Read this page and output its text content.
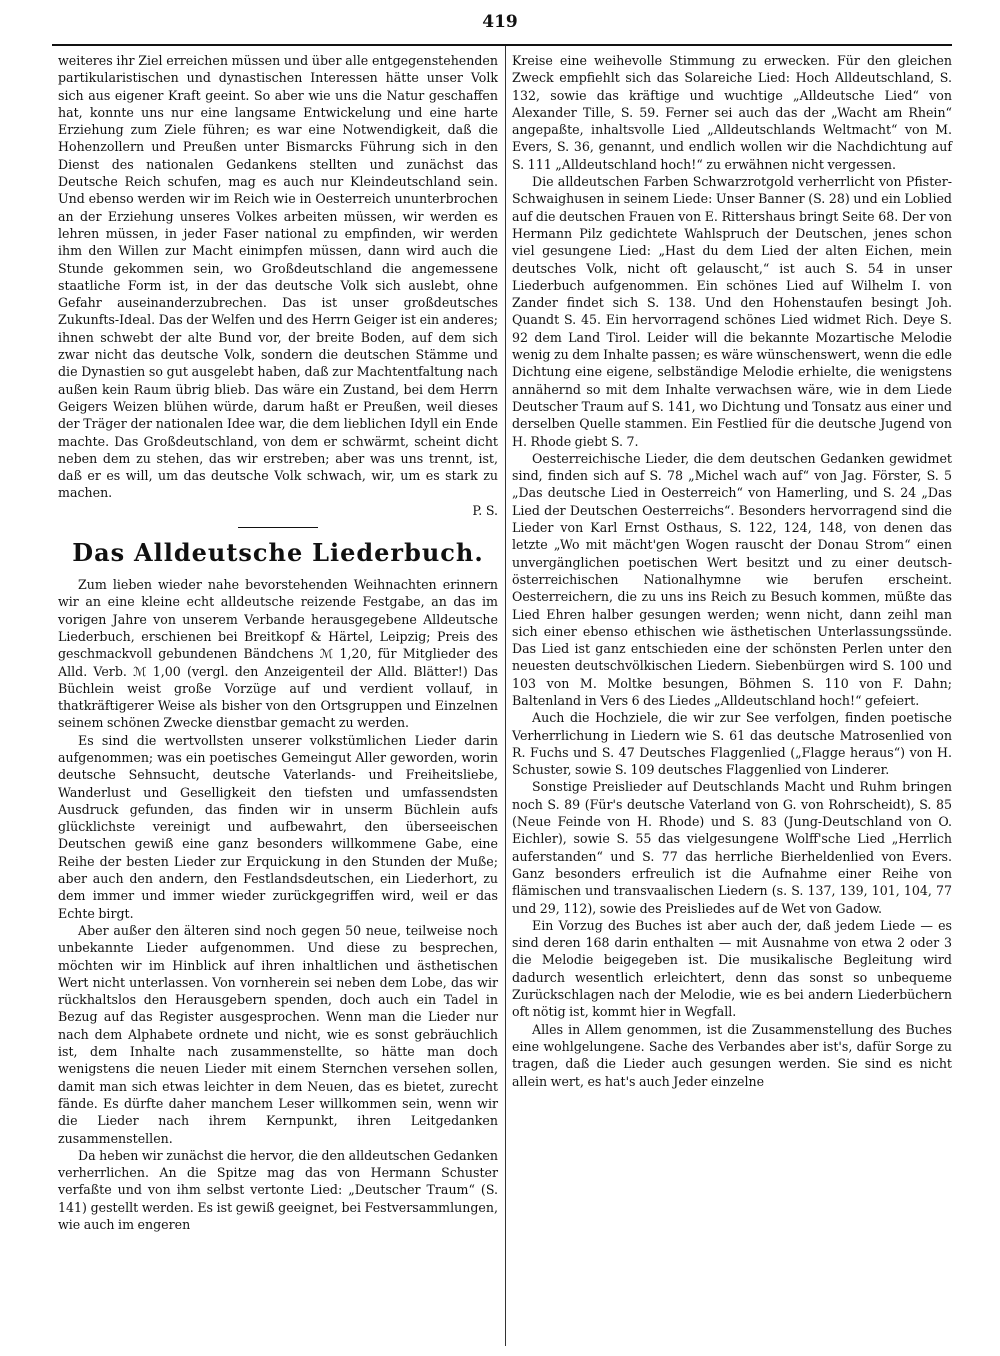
419

weiteres ihr Ziel erreichen müssen und über alle entgegenstehenden partikularistischen und dynastischen Interessen hätte unser Volk sich aus eigener Kraft geeint. So aber wie uns die Natur geschaffen hat, konnte uns nur eine langsame Entwickelung und eine harte Erziehung zum Ziele führen; es war eine Notwendigkeit, daß die Hohenzollern und Preußen unter Bismarcks Führung sich in den Dienst des nationalen Gedankens stellten und zunächst das Deutsche Reich schufen, mag es auch nur Kleindeutschland sein. Und ebenso werden wir im Reich wie in Oesterreich ununterbrochen an der Erziehung unseres Volkes arbeiten müssen, wir werden es lehren müssen, in jeder Faser national zu empfinden, wir werden ihm den Willen zur Macht einimpfen müssen, dann wird auch die Stunde gekommen sein, wo Großdeutschland die angemessene staatliche Form ist, in der das deutsche Volk sich auslebt, ohne Gefahr auseinanderzubrechen. Das ist unser großdeutsches Zukunfts-Ideal. Das der Welfen und des Herrn Geiger ist ein anderes; ihnen schwebt der alte Bund vor, der breite Boden, auf dem sich zwar nicht das deutsche Volk, sondern die deutschen Stämme und die Dynastien so gut ausgelebt haben, daß zur Machtentfaltung nach außen kein Raum übrig blieb. Das wäre ein Zustand, bei dem Herrn Geigers Weizen blühen würde, darum haßt er Preußen, weil dieses der Träger der nationalen Idee war, die dem lieblichen Idyll ein Ende machte. Das Großdeutschland, von dem er schwärmt, scheint dicht neben dem zu stehen, das wir erstreben; aber was uns trennt, ist, daß er es will, um das deutsche Volk schwach, wir, um es stark zu machen.

P. S.

Das Alldeutsche Liederbuch.

Zum lieben wieder nahe bevorstehenden Weihnachten erinnern wir an eine kleine echt alldeutsche reizende Festgabe, an das im vorigen Jahre von unserem Verbande herausgegebene Alldeutsche Liederbuch, erschienen bei Breitkopf & Härtel, Leipzig; Preis des geschmackvoll gebundenen Bändchens ℳ 1,20, für Mitglieder des Alld. Verb. ℳ 1,00 (vergl. den Anzeigenteil der Alld. Blätter!) Das Büchlein weist große Vorzüge auf und verdient vollauf, in thatkräftigerer Weise als bisher von den Ortsgruppen und Einzelnen seinem schönen Zwecke dienstbar gemacht zu werden.

Es sind die wertvollsten unserer volkstümlichen Lieder darin aufgenommen; was ein poetisches Gemeingut Aller geworden, worin deutsche Sehnsucht, deutsche Vaterlands- und Freiheitsliebe, Wanderlust und Geselligkeit den tiefsten und umfassendsten Ausdruck gefunden, das finden wir in unserm Büchlein aufs glücklichste vereinigt und aufbewahrt, den überseeischen Deutschen gewiß eine ganz besonders willkommene Gabe, eine Reihe der besten Lieder zur Erquickung in den Stunden der Muße; aber auch den andern, den Festlandsdeutschen, ein Liederhort, zu dem immer und immer wieder zurückgegriffen wird, weil er das Echte birgt.

Aber außer den älteren sind noch gegen 50 neue, teilweise noch unbekannte Lieder aufgenommen. Und diese zu besprechen, möchten wir im Hinblick auf ihren inhaltlichen und ästhetischen Wert nicht unterlassen. Von vornherein sei neben dem Lobe, das wir rückhaltslos den Herausgebern spenden, doch auch ein Tadel in Bezug auf das Register ausgesprochen. Wenn man die Lieder nur nach dem Alphabete ordnete und nicht, wie es sonst gebräuchlich ist, dem Inhalte nach zusammenstellte, so hätte man doch wenigstens die neuen Lieder mit einem Sternchen versehen sollen, damit man sich etwas leichter in dem Neuen, das es bietet, zurecht fände. Es dürfte daher manchem Leser willkommen sein, wenn wir die Lieder nach ihrem Kernpunkt, ihren Leitgedanken zusammenstellen.

Da heben wir zunächst die hervor, die den alldeutschen Gedanken verherrlichen. An die Spitze mag das von Hermann Schuster verfaßte und von ihm selbst vertonte Lied: „Deutscher Traum“ (S. 141) gestellt werden. Es ist gewiß geeignet, bei Festversammlungen, wie auch im engeren

Kreise eine weihevolle Stimmung zu erwecken. Für den gleichen Zweck empfiehlt sich das Solareiche Lied: Hoch Alldeutschland, S. 132, sowie das kräftige und wuchtige „Alldeutsche Lied“ von Alexander Tille, S. 59. Ferner sei auch das der „Wacht am Rhein“ angepaßte, inhaltsvolle Lied „Alldeutschlands Weltmacht“ von M. Evers, S. 36, genannt, und endlich wollen wir die Nachdichtung auf S. 111 „Alldeutschland hoch!“ zu erwähnen nicht vergessen.

Die alldeutschen Farben Schwarzrotgold verherrlicht von Pfister-Schwaighusen in seinem Liede: Unser Banner (S. 28) und ein Loblied auf die deutschen Frauen von E. Rittershaus bringt Seite 68. Der von Hermann Pilz gedichtete Wahlspruch der Deutschen, jenes schon viel gesungene Lied: „Hast du dem Lied der alten Eichen, mein deutsches Volk, nicht oft gelauscht,“ ist auch S. 54 in unser Liederbuch aufgenommen. Ein schönes Lied auf Wilhelm I. von Zander findet sich S. 138. Und den Hohenstaufen besingt Joh. Quandt S. 45. Ein hervorragend schönes Lied widmet Rich. Deye S. 92 dem Land Tirol. Leider will die bekannte Mozartische Melodie wenig zu dem Inhalte passen; es wäre wünschenswert, wenn die edle Dichtung eine eigene, selbständige Melodie erhielte, die wenigstens annähernd so mit dem Inhalte verwachsen wäre, wie in dem Liede Deutscher Traum auf S. 141, wo Dichtung und Tonsatz aus einer und derselben Quelle stammen. Ein Festlied für die deutsche Jugend von H. Rhode giebt S. 7.

Oesterreichische Lieder, die dem deutschen Gedanken gewidmet sind, finden sich auf S. 78 „Michel wach auf“ von Jag. Förster, S. 5 „Das deutsche Lied in Oesterreich“ von Hamerling, und S. 24 „Das Lied der Deutschen Oesterreichs“. Besonders hervorragend sind die Lieder von Karl Ernst Osthaus, S. 122, 124, 148, von denen das letzte „Wo mit mächt'gen Wogen rauscht der Donau Strom“ einen unvergänglichen poetischen Wert besitzt und zu einer deutsch-österreichischen Nationalhymne wie berufen erscheint. Oesterreichern, die zu uns ins Reich zu Besuch kommen, müßte das Lied Ehren halber gesungen werden; wenn nicht, dann zeihl man sich einer ebenso ethischen wie ästhetischen Unterlassungssünde. Das Lied ist ganz entschieden eine der schönsten Perlen unter den neuesten deutschvölkischen Liedern. Siebenbürgen wird S. 100 und 103 von M. Moltke besungen, Böhmen S. 110 von F. Dahn; Baltenland in Vers 6 des Liedes „Alldeutschland hoch!“ gefeiert.

Auch die Hochziele, die wir zur See verfolgen, finden poetische Verherrlichung in Liedern wie S. 61 das deutsche Matrosenlied von R. Fuchs und S. 47 Deutsches Flaggenlied („Flagge heraus“) von H. Schuster, sowie S. 109 deutsches Flaggenlied von Linderer.

Sonstige Preislieder auf Deutschlands Macht und Ruhm bringen noch S. 89 (Für's deutsche Vaterland von G. von Rohrscheidt), S. 85 (Neue Feinde von H. Rhode) und S. 83 (Jung-Deutschland von O. Eichler), sowie S. 55 das vielgesungene Wolff'sche Lied „Herrlich auferstanden“ und S. 77 das herrliche Bierheldenlied von Evers. Ganz besonders erfreulich ist die Aufnahme einer Reihe von flämischen und transvaalischen Liedern (s. S. 137, 139, 101, 104, 77 und 29, 112), sowie des Preisliedes auf de Wet von Gadow.

Ein Vorzug des Buches ist aber auch der, daß jedem Liede — es sind deren 168 darin enthalten — mit Ausnahme von etwa 2 oder 3 die Melodie beigegeben ist. Die musikalische Begleitung wird dadurch wesentlich erleichtert, denn das sonst so unbequeme Zurückschlagen nach der Melodie, wie es bei andern Liederbüchern oft nötig ist, kommt hier in Wegfall.

Alles in Allem genommen, ist die Zusammenstellung des Buches eine wohlgelungene. Sache des Verbandes aber ist's, dafür Sorge zu tragen, daß die Lieder auch gesungen werden. Sie sind es nicht allein wert, es hat's auch Jeder einzelne
